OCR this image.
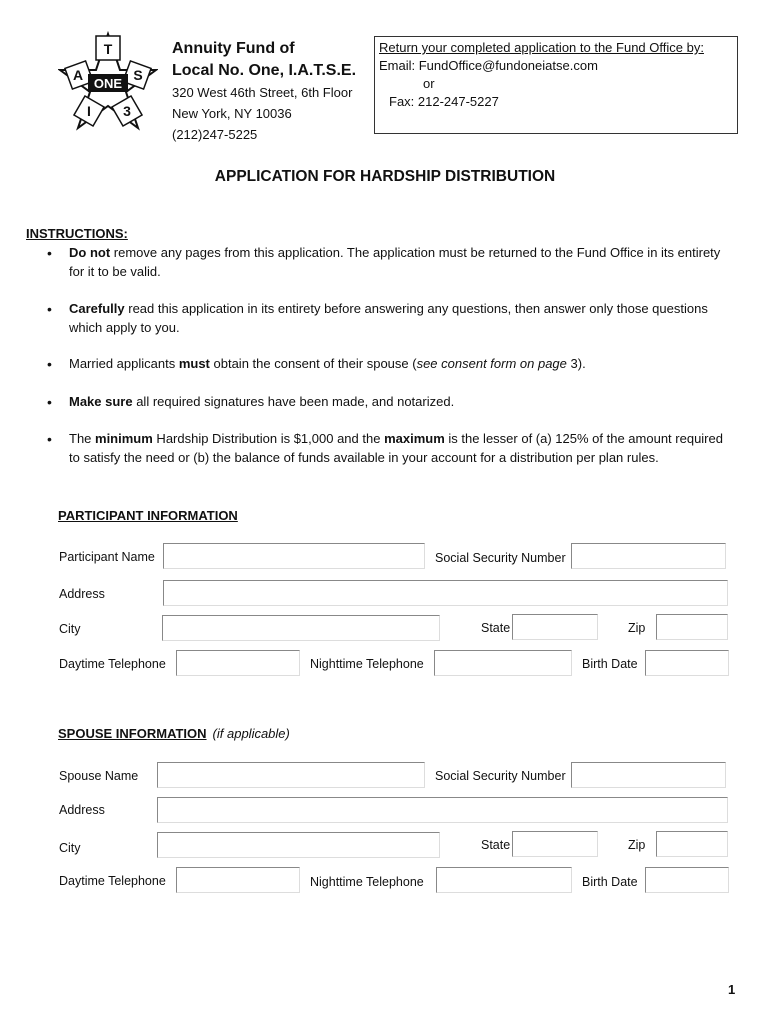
T
S
A
3
I
ONE
Annuity Fund of
Local No. One, I.A.T.S.E.
320 West 46th Street, 6th Floor
New York, NY 10036
(212)247-5225
Return your completed application to the Fund Office by:
Email: FundOffice@fundoneiatse.com
or
Fax: 212-247-5227
APPLICATION FOR HARDSHIP DISTRIBUTION
INSTRUCTIONS:
• Do not remove any pages from this application. The application must be returned to the Fund Office in its entirety for it to be valid.
• Carefully read this application in its entirety before answering any questions, then answer only those questions which apply to you.
• Married applicants must obtain the consent of their spouse (see consent form on page 3).
• Make sure all required signatures have been made, and notarized.
• The minimum Hardship Distribution is $1,000 and the maximum is the lesser of (a) 125% of the amount required to satisfy the need or (b) the balance of funds available in your account for a distribution per plan rules.
PARTICIPANT INFORMATION
Participant Name	Social Security Number
Address
City	State	Zip
Daytime Telephone	Nighttime Telephone	Birth Date
SPOUSE INFORMATION (if applicable)
Spouse Name	Social Security Number
Address
City	State	Zip
Daytime Telephone	Nighttime Telephone	Birth Date
1
